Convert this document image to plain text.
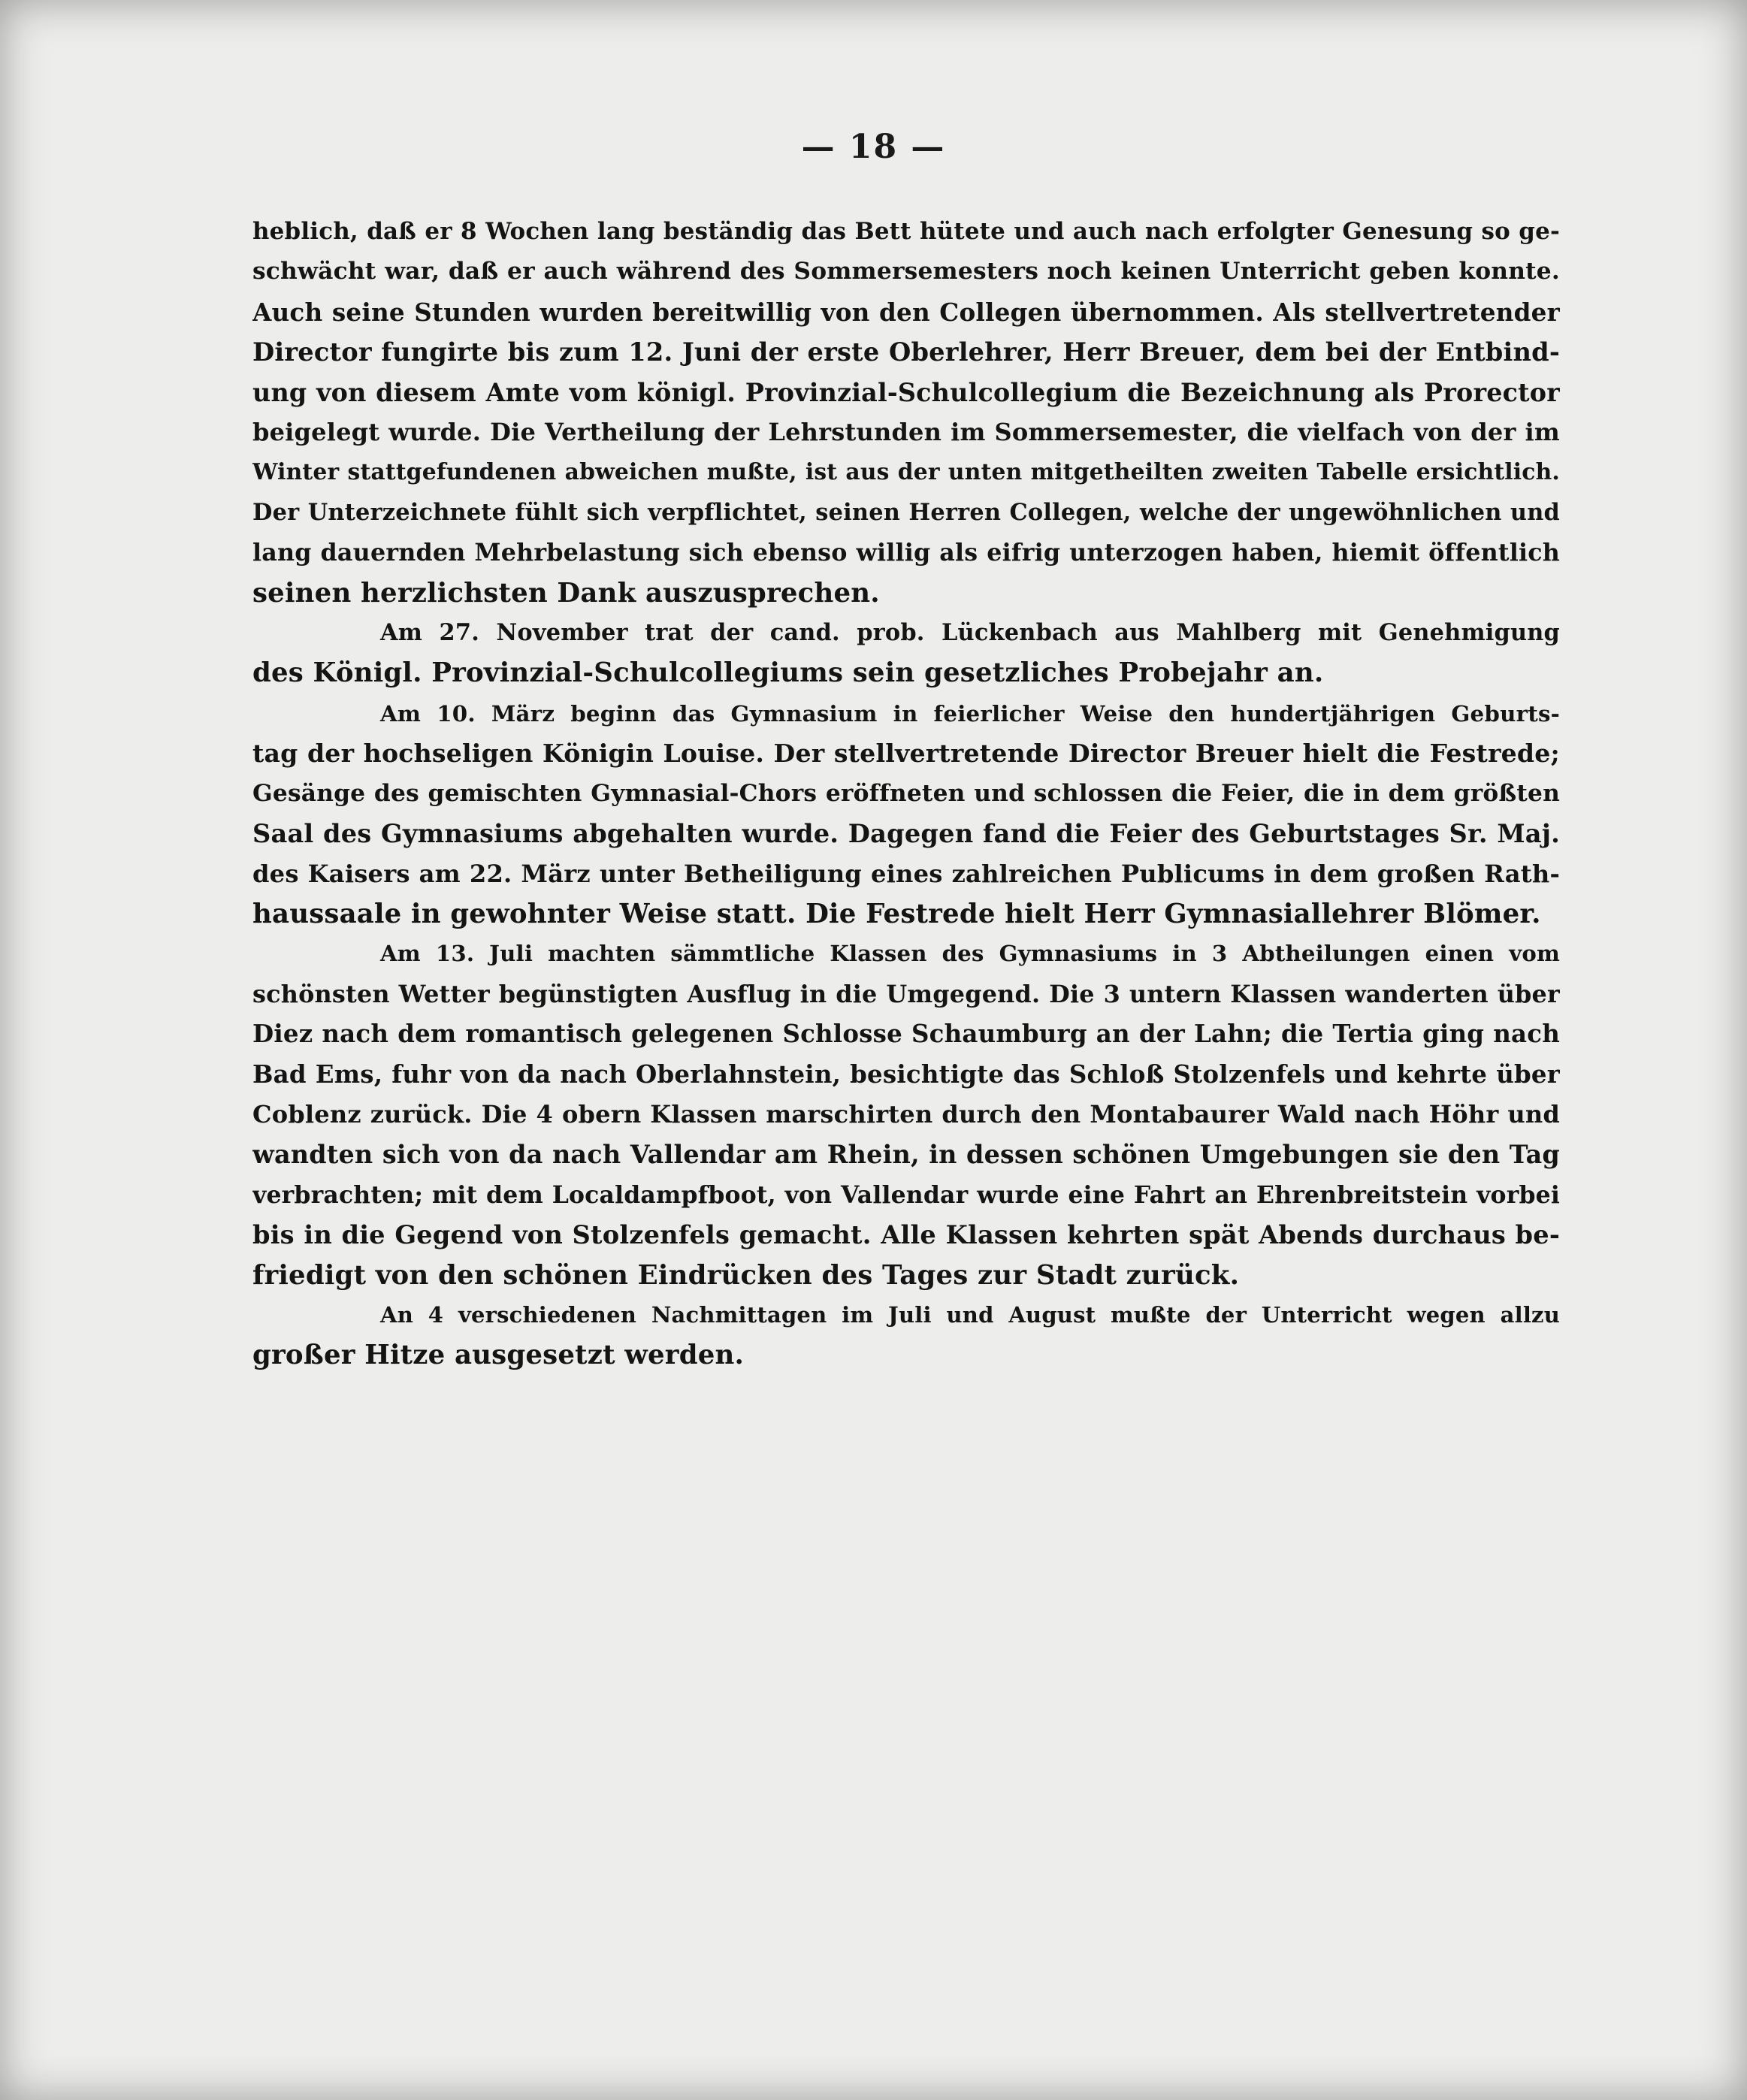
— 18 —

heblich, daß er 8 Wochen lang beständig das Bett hütete und auch nach erfolgter Genesung so ge-
schwächt war, daß er auch während des Sommersemesters noch keinen Unterricht geben konnte.
Auch seine Stunden wurden bereitwillig von den Collegen übernommen. Als stellvertretender
Director fungirte bis zum 12. Juni der erste Oberlehrer, Herr Breuer, dem bei der Entbind-
ung von diesem Amte vom königl. Provinzial-Schulcollegium die Bezeichnung als Prorector
beigelegt wurde. Die Vertheilung der Lehrstunden im Sommersemester, die vielfach von der im
Winter stattgefundenen abweichen mußte, ist aus der unten mitgetheilten zweiten Tabelle ersichtlich.
Der Unterzeichnete fühlt sich verpflichtet, seinen Herren Collegen, welche der ungewöhnlichen und
lang dauernden Mehrbelastung sich ebenso willig als eifrig unterzogen haben, hiemit öffentlich
seinen herzlichsten Dank auszusprechen.

Am 27. November trat der cand. prob. Lückenbach aus Mahlberg mit Genehmigung
des Königl. Provinzial-Schulcollegiums sein gesetzliches Probejahr an.

Am 10. März beginn das Gymnasium in feierlicher Weise den hundertjährigen Geburts-
tag der hochseligen Königin Louise. Der stellvertretende Director Breuer hielt die Festrede;
Gesänge des gemischten Gymnasial-Chors eröffneten und schlossen die Feier, die in dem größten
Saal des Gymnasiums abgehalten wurde. Dagegen fand die Feier des Geburtstages Sr. Maj.
des Kaisers am 22. März unter Betheiligung eines zahlreichen Publicums in dem großen Rath-
haussaale in gewohnter Weise statt. Die Festrede hielt Herr Gymnasiallehrer Blömer.

Am 13. Juli machten sämmtliche Klassen des Gymnasiums in 3 Abtheilungen einen vom
schönsten Wetter begünstigten Ausflug in die Umgegend. Die 3 untern Klassen wanderten über
Diez nach dem romantisch gelegenen Schlosse Schaumburg an der Lahn; die Tertia ging nach
Bad Ems, fuhr von da nach Oberlahnstein, besichtigte das Schloß Stolzenfels und kehrte über
Coblenz zurück. Die 4 obern Klassen marschirten durch den Montabaurer Wald nach Höhr und
wandten sich von da nach Vallendar am Rhein, in dessen schönen Umgebungen sie den Tag
verbrachten; mit dem Localdampfboot, von Vallendar wurde eine Fahrt an Ehrenbreitstein vorbei
bis in die Gegend von Stolzenfels gemacht. Alle Klassen kehrten spät Abends durchaus be-
friedigt von den schönen Eindrücken des Tages zur Stadt zurück.

An 4 verschiedenen Nachmittagen im Juli und August mußte der Unterricht wegen allzu
großer Hitze ausgesetzt werden.
